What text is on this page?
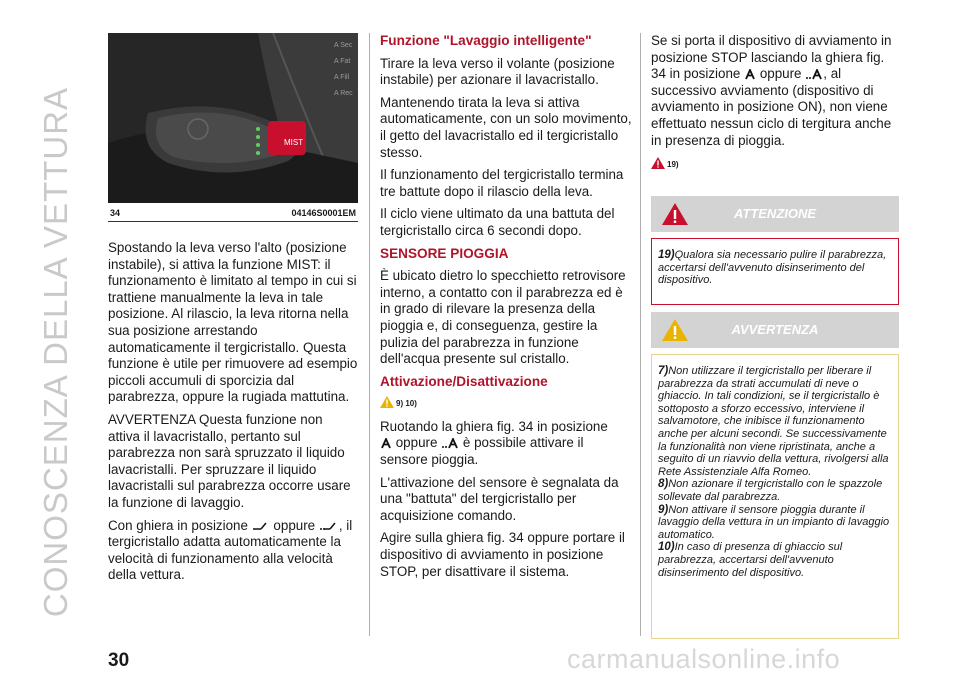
CONOSCENZA DELLA VETTURA	MIST
A Sec
A Fat
A Fill
A Rec
34	04146S0001EM

Spostando la leva verso l'alto (posizione instabile), si attiva la funzione MIST: il funzionamento è limitato al tempo in cui si trattiene manualmente la leva in tale posizione. Al rilascio, la leva ritorna nella sua posizione arrestando automaticamente il tergicristallo. Questa funzione è utile per rimuovere ad esempio piccoli accumuli di sporcizia dal parabrezza, oppure la rugiada mattutina.

AVVERTENZA Questa funzione non attiva il lavacristallo, pertanto sul parabrezza non sarà spruzzato il liquido lavacristalli. Per spruzzare il liquido lavacristalli sul parabrezza occorre usare la funzione di lavaggio.

Con ghiera in posizione oppure , il tergicristallo adatta automaticamente la velocità di funzionamento alla velocità della vettura.

Funzione "Lavaggio intelligente"

Tirare la leva verso il volante (posizione instabile) per azionare il lavacristallo.

Mantenendo tirata la leva si attiva automaticamente, con un solo movimento, il getto del lavacristallo ed il tergicristallo stesso.

Il funzionamento del tergicristallo termina tre battute dopo il rilascio della leva.

Il ciclo viene ultimato da una battuta del tergicristallo circa 6 secondi dopo.

SENSORE PIOGGIA

È ubicato dietro lo specchietto retrovisore interno, a contatto con il parabrezza ed è in grado di rilevare la presenza della pioggia e, di conseguenza, gestire la pulizia del parabrezza in funzione dell'acqua presente sul cristallo.

Attivazione/Disattivazione

9) 10)

Ruotando la ghiera fig. 34 in posizione
oppure è possibile attivare il sensore pioggia.

L'attivazione del sensore è segnalata da una "battuta" del tergicristallo per acquisizione comando.

Agire sulla ghiera fig. 34 oppure portare il dispositivo di avviamento in posizione STOP, per disattivare il sistema.

Se si porta il dispositivo di avviamento in posizione STOP lasciando la ghiera fig. 34 in posizione oppure , al successivo avviamento (dispositivo di avviamento in posizione ON), non viene effettuato nessun ciclo di tergitura anche in presenza di pioggia.

19)
ATTENZIONE
19)Qualora sia necessario pulire il parabrezza, accertarsi dell'avvenuto disinserimento del dispositivo.
AVVERTENZA
7)Non utilizzare il tergicristallo per liberare il parabrezza da strati accumulati di neve o ghiaccio. In tali condizioni, se il tergicristallo è sottoposto a sforzo eccessivo, interviene il salvamotore, che inibisce il funzionamento anche per alcuni secondi. Se successivamente la funzionalità non viene ripristinata, anche a seguito di un riavvio della vettura, rivolgersi alla Rete Assistenziale Alfa Romeo.
8)Non azionare il tergicristallo con le spazzole sollevate dal parabrezza.
9)Non attivare il sensore pioggia durante il lavaggio della vettura in un impianto di lavaggio automatico.
10)In caso di presenza di ghiaccio sul parabrezza, accertarsi dell'avvenuto disinserimento del dispositivo.
30	carmanualsonline.info
